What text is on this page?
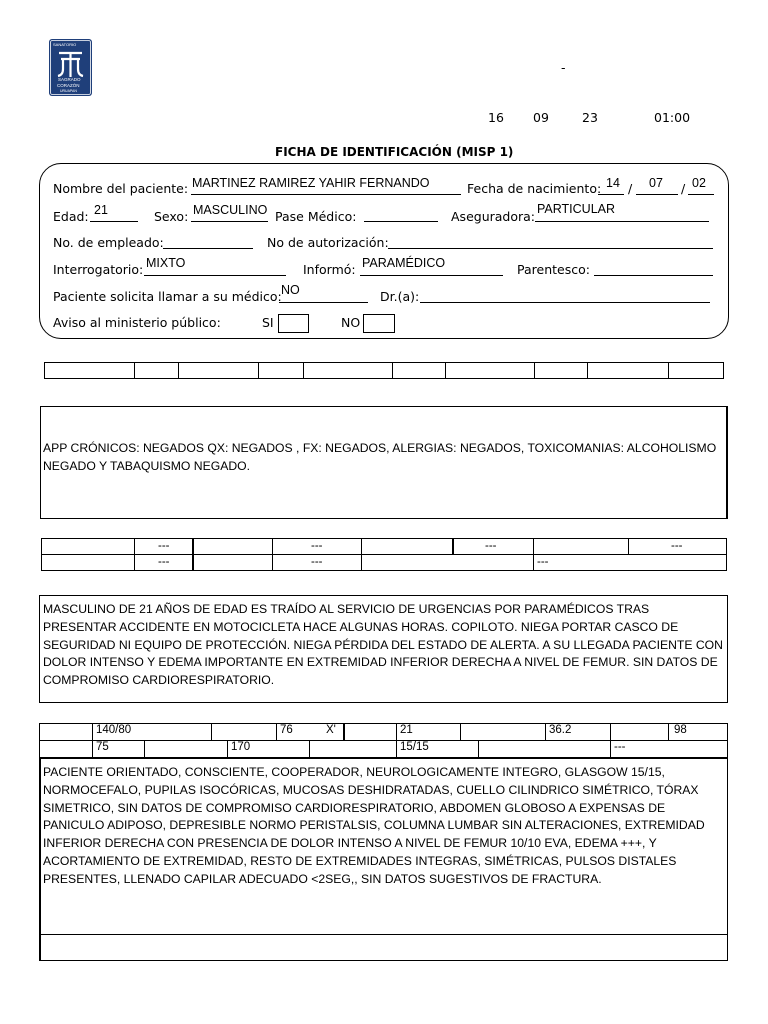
SANATORIO
SAGRADO
CORAZÓN
URUAPAN
-
16 09	23	01:00
FICHA DE IDENTIFICACIÓN (MISP 1)
Nombre del paciente: MARTINEZ RAMIREZ YAHIR FERNANDO	Fecha de nacimiento: 14 / 07 / 02
Edad: 21	Sexo: MASCULINO Pase Médico:	Aseguradora: PARTICULAR
No. de empleado:	No de autorización:
Interrogatorio: MIXTO	Informó: PARAMÉDICO	Parentesco:
Paciente solicita llamar a su médico: NO	Dr.(a):
Aviso al ministerio público:	SI	NO
APP CRÓNICOS: NEGADOS QX: NEGADOS , FX: NEGADOS, ALERGIAS: NEGADOS, TOXICOMANIAS: ALCOHOLISMO NEGADO Y TABAQUISMO NEGADO.
---	---	---	---
---	---	---
MASCULINO DE 21 AÑOS DE EDAD ES TRAÍDO AL SERVICIO DE URGENCIAS POR PARAMÉDICOS TRAS PRESENTAR ACCIDENTE EN MOTOCICLETA HACE ALGUNAS HORAS. COPILOTO. NIEGA PORTAR CASCO DE SEGURIDAD NI EQUIPO DE PROTECCIÓN. NIEGA PÉRDIDA DEL ESTADO DE ALERTA. A SU LLEGADA PACIENTE CON DOLOR INTENSO Y EDEMA IMPORTANTE EN EXTREMIDAD INFERIOR DERECHA A NIVEL DE FEMUR. SIN DATOS DE COMPROMISO CARDIORESPIRATORIO.
140/80	76	X'	21	36.2	98
75	170	15/15	---
PACIENTE ORIENTADO, CONSCIENTE, COOPERADOR, NEUROLOGICAMENTE INTEGRO, GLASGOW 15/15, NORMOCEFALO, PUPILAS ISOCÓRICAS, MUCOSAS DESHIDRATADAS, CUELLO CILINDRICO SIMÉTRICO, TÓRAX SIMETRICO, SIN DATOS DE COMPROMISO CARDIORESPIRATORIO, ABDOMEN GLOBOSO A EXPENSAS DE PANICULO ADIPOSO, DEPRESIBLE NORMO PERISTALSIS, COLUMNA LUMBAR SIN ALTERACIONES, EXTREMIDAD INFERIOR DERECHA CON PRESENCIA DE DOLOR INTENSO A NIVEL DE FEMUR 10/10 EVA, EDEMA +++, Y ACORTAMIENTO DE EXTREMIDAD, RESTO DE EXTREMIDADES INTEGRAS, SIMÉTRICAS, PULSOS DISTALES PRESENTES, LLENADO CAPILAR ADECUADO <2SEG,, SIN DATOS SUGESTIVOS DE FRACTURA.
